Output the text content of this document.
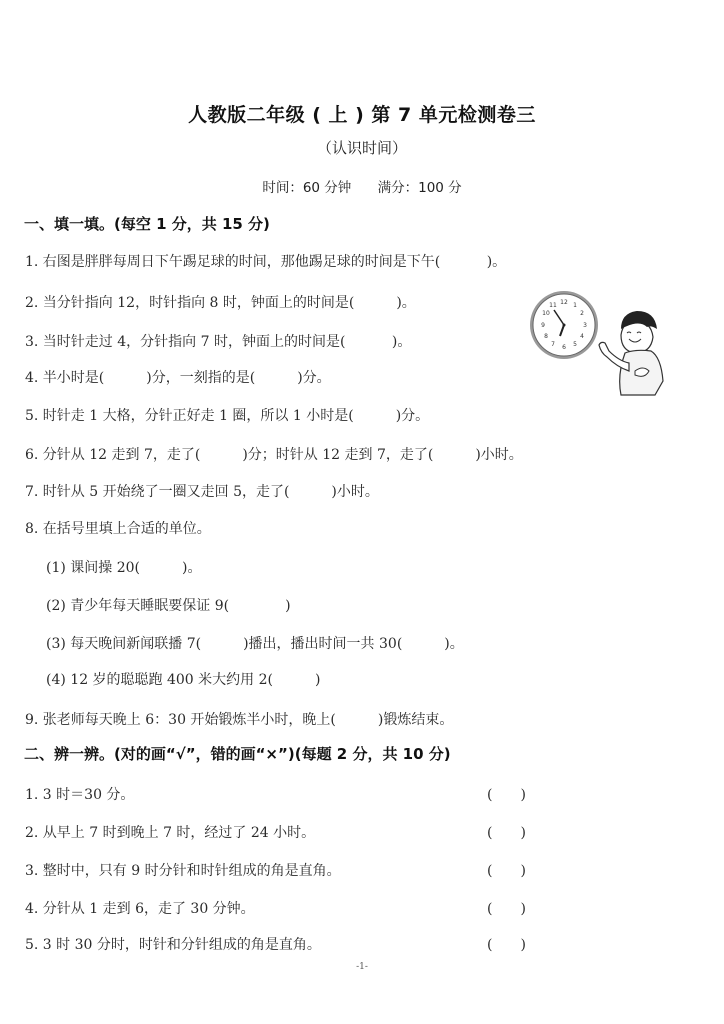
人教版二年级 ( 上 ) 第 7 单元检测卷三
（认识时间）
时间：60 分钟 满分：100 分
一、填一填。(每空 1 分，共 15 分)
1. 右图是胖胖每周日下午踢足球的时间，那他踢足球的时间是下午(　　　 )。
2. 当分针指向 12，时针指向 8 时，钟面上的时间是(　　　)。
3. 当时针走过 4，分针指向 7 时，钟面上的时间是(　　　 )。
4. 半小时是(　　　)分，一刻指的是(　　　)分。
5. 时针走 1 大格，分针正好走 1 圈，所以 1 小时是(　　　)分。
6. 分针从 12 走到 7，走了(　　　)分；时针从 12 走到 7，走了(　　　)小时。
7. 时针从 5 开始绕了一圈又走回 5，走了(　　　)小时。
8. 在括号里填上合适的单位。
(1) 课间操 20(　　　)。
(2) 青少年每天睡眠要保证 9(　　　　)
(3) 每天晚间新闻联播 7(　　　)播出，播出时间一共 30(　　　)。
(4) 12 岁的聪聪跑 400 米大约用 2(　　　)
9. 张老师每天晚上 6：30 开始锻炼半小时，晚上(　　　)锻炼结束。
二、辨一辨。(对的画“√”，错的画“×”)(每题 2 分，共 10 分)
1. 3 时＝30 分。	(　　)
2. 从早上 7 时到晚上 7 时，经过了 24 小时。	(　　)
3. 整时中，只有 9 时分针和时针组成的角是直角。	(　　)
4. 分针从 1 走到 6，走了 30 分钟。	(　　)
5. 3 时 30 分时，时针和分针组成的角是直角。	(　　)
-1-
12 1
2
3
4
5
6
7
8
9
10
11
